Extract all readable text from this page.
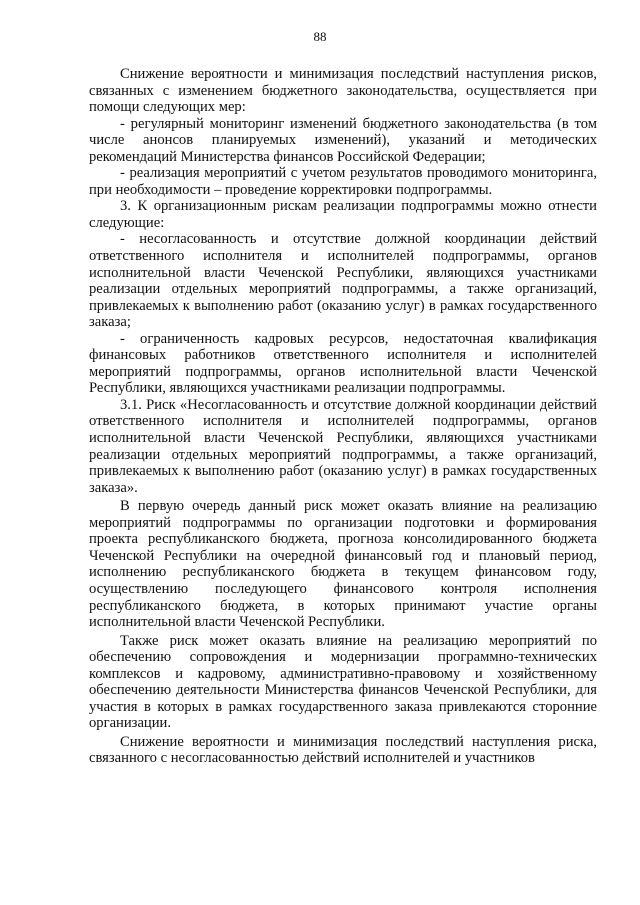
88

Снижение вероятности и минимизация последствий наступления рисков, связанных с изменением бюджетного законодательства, осуществляется при помощи следующих мер:

- регулярный мониторинг изменений бюджетного законодательства (в том числе анонсов планируемых изменений), указаний и методических рекомендаций Министерства финансов Российской Федерации;

- реализация мероприятий с учетом результатов проводимого мониторинга, при необходимости – проведение корректировки подпрограммы.

3. К организационным рискам реализации подпрограммы можно отнести следующие:

- несогласованность и отсутствие должной координации действий ответственного исполнителя и исполнителей подпрограммы, органов исполнительной власти Чеченской Республики, являющихся участниками реализации отдельных мероприятий подпрограммы, а также организаций, привлекаемых к выполнению работ (оказанию услуг) в рамках государственного заказа;

- ограниченность кадровых ресурсов, недостаточная квалификация финансовых работников ответственного исполнителя и исполнителей мероприятий подпрограммы, органов исполнительной власти Чеченской Республики, являющихся участниками реализации подпрограммы.

3.1. Риск «Несогласованность и отсутствие должной координации действий ответственного исполнителя и исполнителей подпрограммы, органов исполнительной власти Чеченской Республики, являющихся участниками реализации отдельных мероприятий подпрограммы, а также организаций, привлекаемых к выполнению работ (оказанию услуг) в рамках государственных заказа».

В первую очередь данный риск может оказать влияние на реализацию мероприятий подпрограммы по организации подготовки и формирования проекта республиканского бюджета, прогноза консолидированного бюджета Чеченской Республики на очередной финансовый год и плановый период, исполнению республиканского бюджета в текущем финансовом году, осуществлению последующего финансового контроля исполнения республиканского бюджета, в которых принимают участие органы исполнительной власти Чеченской Республики.

Также риск может оказать влияние на реализацию мероприятий по обеспечению сопровождения и модернизации программно-технических комплексов и кадровому, административно-правовому и хозяйственному обеспечению деятельности Министерства финансов Чеченской Республики, для участия в которых в рамках государственного заказа привлекаются сторонние организации.

Снижение вероятности и минимизация последствий наступления риска, связанного с несогласованностью действий исполнителей и участников
